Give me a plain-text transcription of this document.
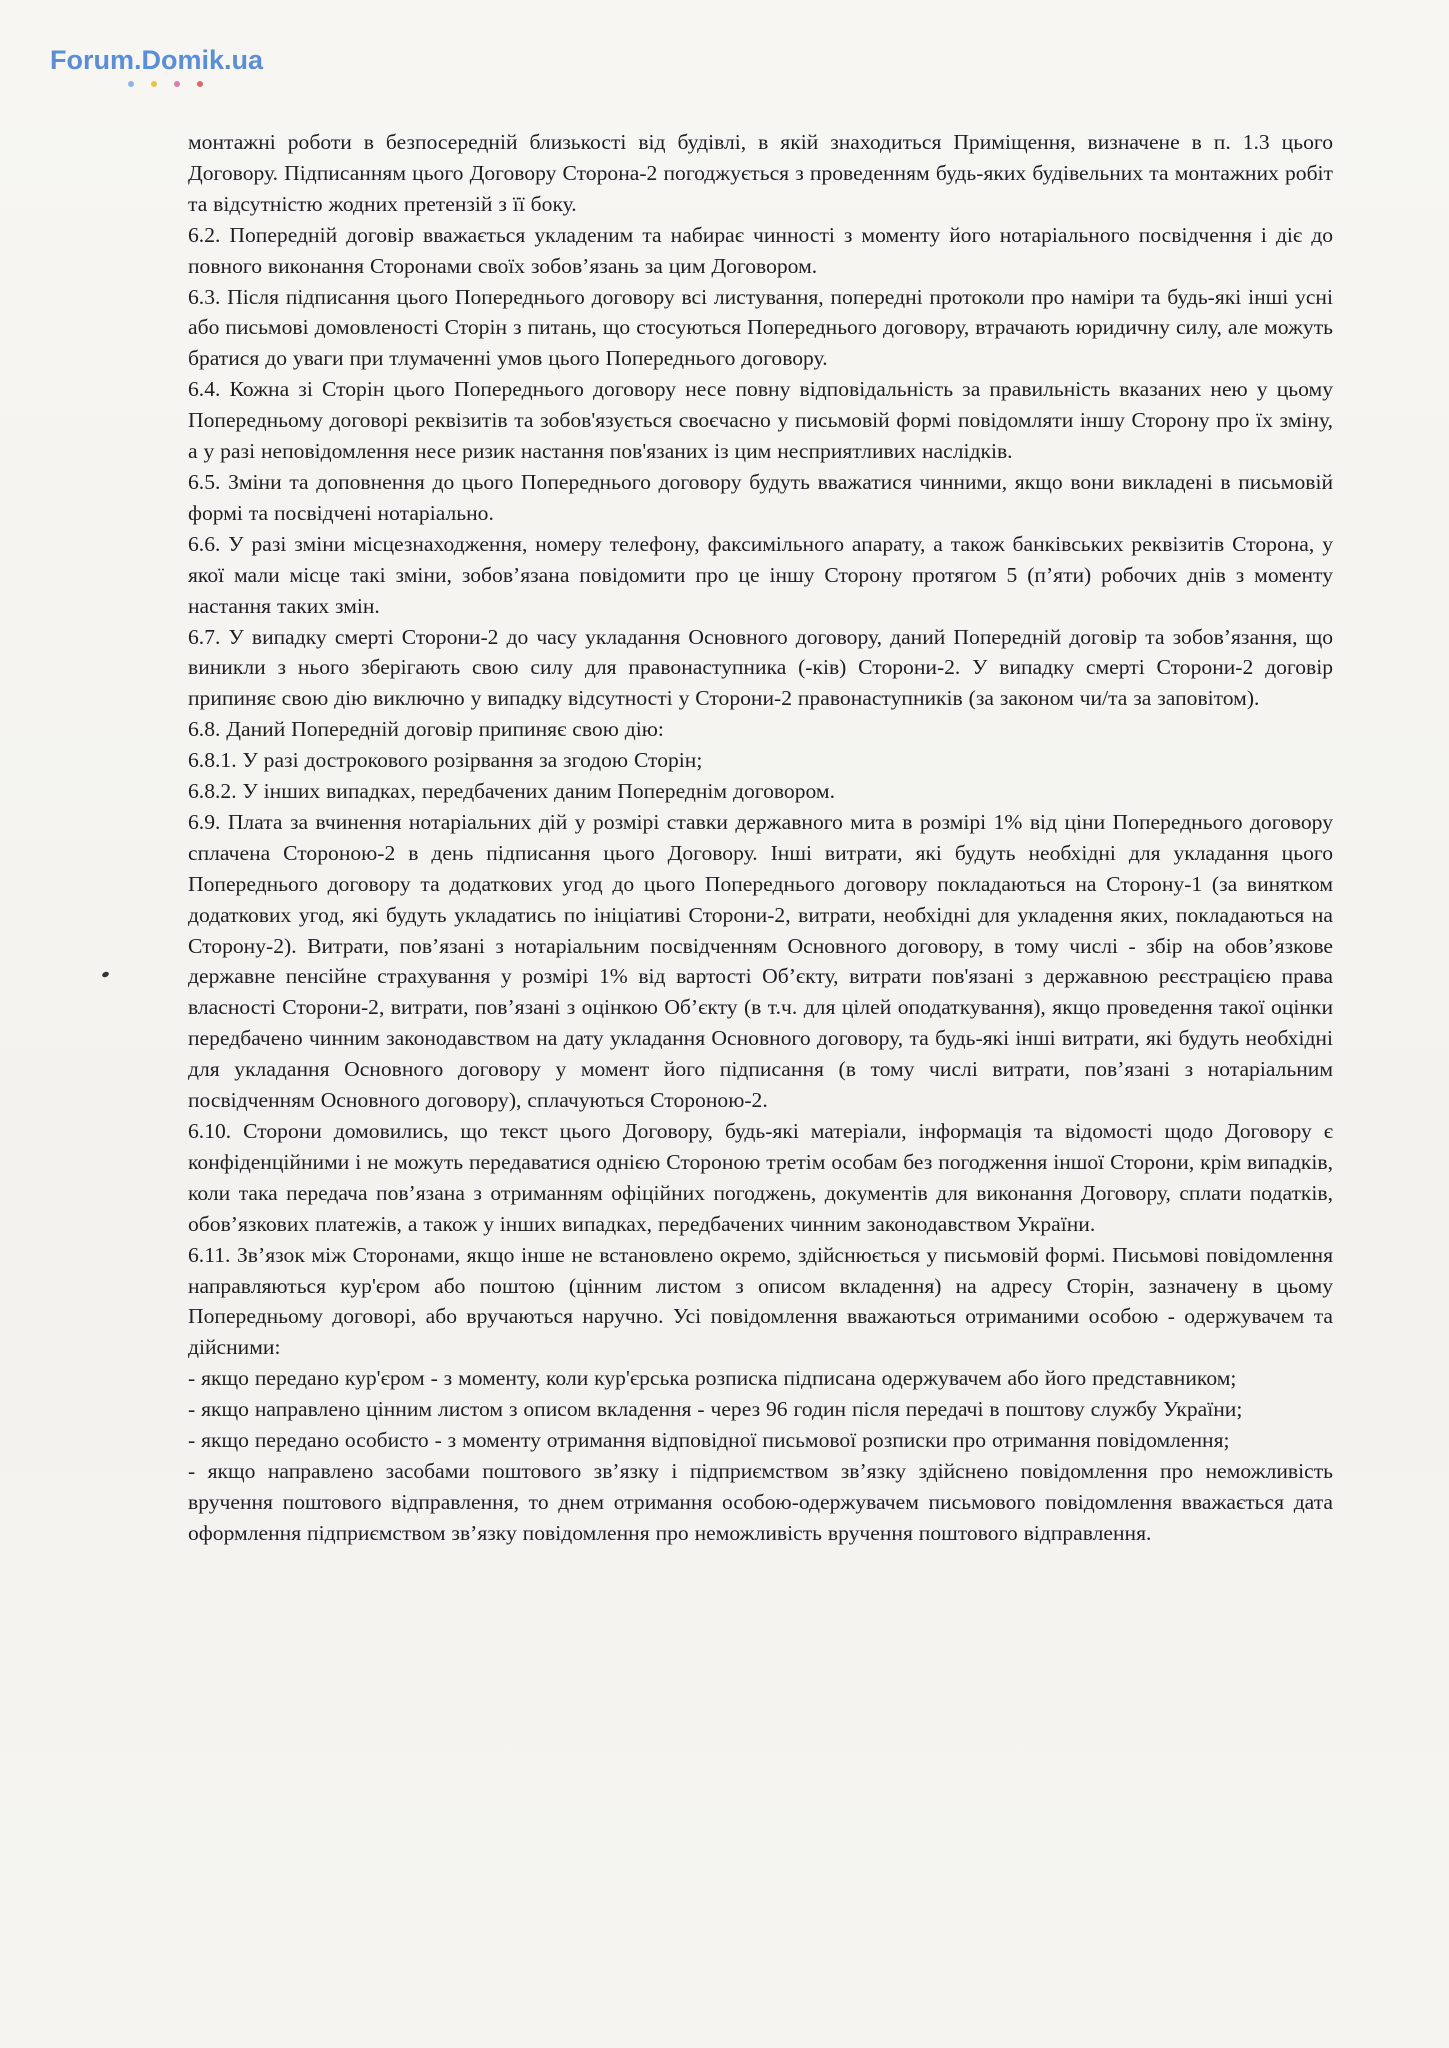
Forum.Domik.ua

монтажні роботи в безпосередній близькості від будівлі, в якій знаходиться Приміщення, визначене в п. 1.3 цього Договору. Підписанням цього Договору Сторона-2 погоджується з проведенням будь-яких будівельних та монтажних робіт та відсутністю жодних претензій з її боку.

6.2. Попередній договір вважається укладеним та набирає чинності з моменту його нотаріального посвідчення і діє до повного виконання Сторонами своїх зобов’язань за цим Договором.

6.3. Після підписання цього Попереднього договору всі листування, попередні протоколи про наміри та будь-які інші усні або письмові домовленості Сторін з питань, що стосуються Попереднього договору, втрачають юридичну силу, але можуть братися до уваги при тлумаченні умов цього Попереднього договору.

6.4. Кожна зі Сторін цього Попереднього договору несе повну відповідальність за правильність вказаних нею у цьому Попередньому договорі реквізитів та зобов'язується своєчасно у письмовій формі повідомляти іншу Сторону про їх зміну, а у разі неповідомлення несе ризик настання пов'язаних із цим несприятливих наслідків.

6.5. Зміни та доповнення до цього Попереднього договору будуть вважатися чинними, якщо вони викладені в письмовій формі та посвідчені нотаріально.

6.6. У разі зміни місцезнаходження, номеру телефону, факсимільного апарату, а також банківських реквізитів Сторона, у якої мали місце такі зміни, зобов’язана повідомити про це іншу Сторону протягом 5 (п’яти) робочих днів з моменту настання таких змін.

6.7. У випадку смерті Сторони-2 до часу укладання Основного договору, даний Попередній договір та зобов’язання, що виникли з нього зберігають свою силу для правонаступника (-ків) Сторони-2. У випадку смерті Сторони-2 договір припиняє свою дію виключно у випадку відсутності у Сторони-2 правонаступників (за законом чи/та за заповітом).

6.8. Даний Попередній договір припиняє свою дію:

6.8.1. У разі дострокового розірвання за згодою Сторін;

6.8.2. У інших випадках, передбачених даним Попереднім договором.

6.9. Плата за вчинення нотаріальних дій у розмірі ставки державного мита в розмірі 1% від ціни Попереднього договору сплачена Стороною-2 в день підписання цього Договору. Інші витрати, які будуть необхідні для укладання цього Попереднього договору та додаткових угод до цього Попереднього договору покладаються на Сторону-1 (за винятком додаткових угод, які будуть укладатись по ініціативі Сторони-2, витрати, необхідні для укладення яких, покладаються на Сторону-2). Витрати, пов’язані з нотаріальним посвідченням Основного договору, в тому числі - збір на обов’язкове державне пенсійне страхування у розмірі 1% від вартості Об’єкту, витрати пов'язані з державною реєстрацією права власності Сторони-2, витрати, пов’язані з оцінкою Об’єкту (в т.ч. для цілей оподаткування), якщо проведення такої оцінки передбачено чинним законодавством на дату укладання Основного договору, та будь-які інші витрати, які будуть необхідні для укладання Основного договору у момент його підписання (в тому числі витрати, пов’язані з нотаріальним посвідченням Основного договору), сплачуються Стороною-2.

6.10. Сторони домовились, що текст цього Договору, будь-які матеріали, інформація та відомості щодо Договору є конфіденційними і не можуть передаватися однією Стороною третім особам без погодження іншої Сторони, крім випадків, коли така передача пов’язана з отриманням офіційних погоджень, документів для виконання Договору, сплати податків, обов’язкових платежів, а також у інших випадках, передбачених чинним законодавством України.

6.11. Зв’язок між Сторонами, якщо інше не встановлено окремо, здійснюється у письмовій формі. Письмові повідомлення направляються кур'єром або поштою (цінним листом з описом вкладення) на адресу Сторін, зазначену в цьому Попередньому договорі, або вручаються наручно. Усі повідомлення вважаються отриманими особою - одержувачем та дійсними:

- якщо передано кур'єром - з моменту, коли кур'єрська розписка підписана одержувачем або його представником;

- якщо направлено цінним листом з описом вкладення - через 96 годин після передачі в поштову службу України;

- якщо передано особисто - з моменту отримання відповідної письмової розписки про отримання повідомлення;

- якщо направлено засобами поштового зв’язку і підприємством зв’язку здійснено повідомлення про неможливість вручення поштового відправлення, то днем отримання особою-одержувачем письмового повідомлення вважається дата оформлення підприємством зв’язку повідомлення про неможливість вручення поштового відправлення.
